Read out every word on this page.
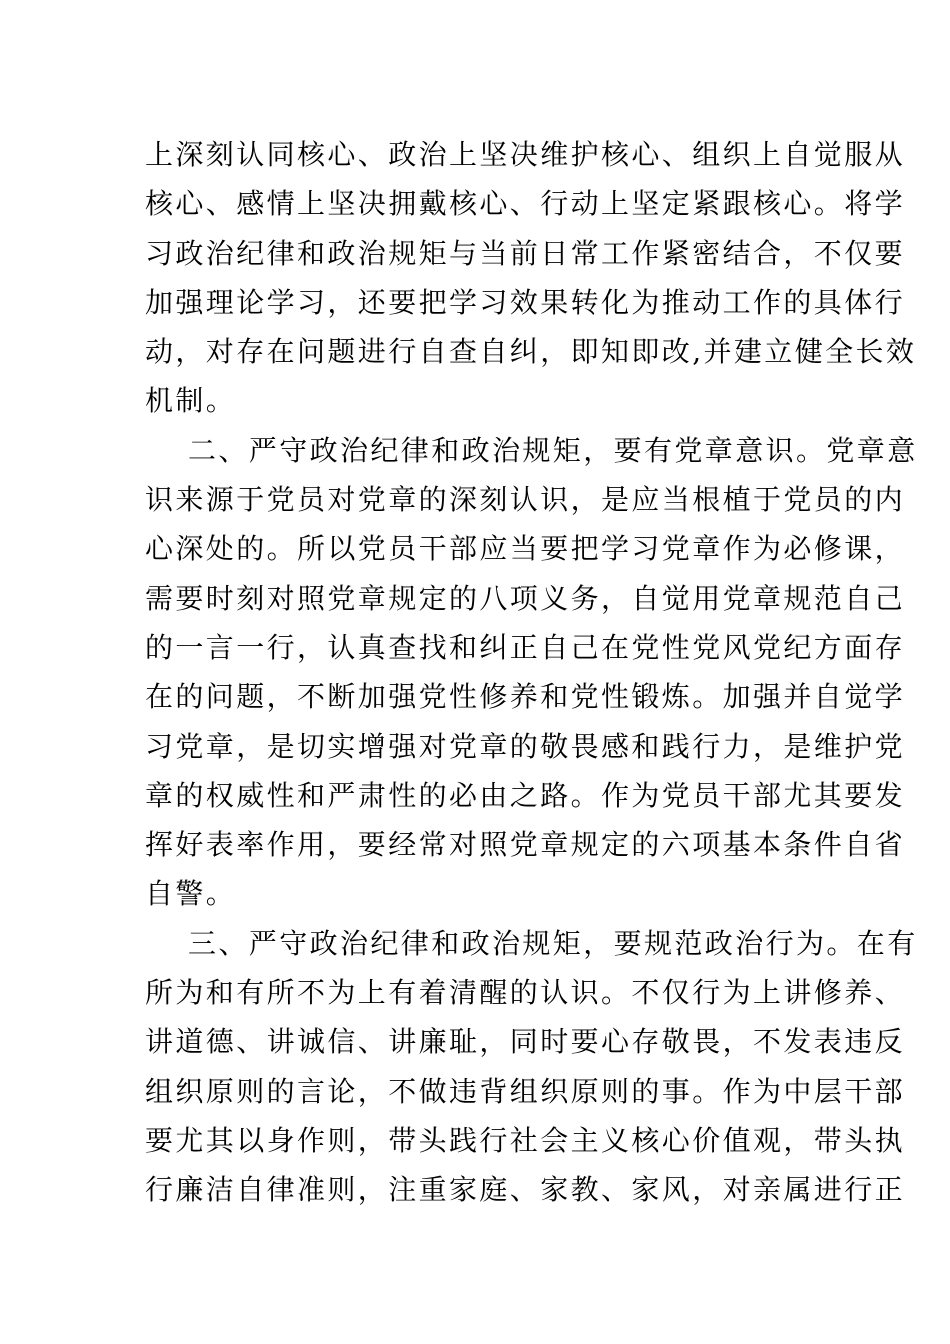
上深刻认同核心、政治上坚决维护核心、组织上自觉服从
核心、感情上坚决拥戴核心、行动上坚定紧跟核心。将学
习政治纪律和政治规矩与当前日常工作紧密结合，不仅要
加强理论学习，还要把学习效果转化为推动工作的具体行
动，对存在问题进行自查自纠，即知即改,并建立健全长效
机制。
二、严守政治纪律和政治规矩，要有党章意识。党章意
识来源于党员对党章的深刻认识，是应当根植于党员的内
心深处的。所以党员干部应当要把学习党章作为必修课，
需要时刻对照党章规定的八项义务，自觉用党章规范自己
的一言一行，认真查找和纠正自己在党性党风党纪方面存
在的问题，不断加强党性修养和党性锻炼。加强并自觉学
习党章，是切实增强对党章的敬畏感和践行力，是维护党
章的权威性和严肃性的必由之路。作为党员干部尤其要发
挥好表率作用，要经常对照党章规定的六项基本条件自省
自警。
三、严守政治纪律和政治规矩，要规范政治行为。在有
所为和有所不为上有着清醒的认识。不仅行为上讲修养、
讲道德、讲诚信、讲廉耻，同时要心存敬畏，不发表违反
组织原则的言论，不做违背组织原则的事。作为中层干部
要尤其以身作则，带头践行社会主义核心价值观，带头执
行廉洁自律准则，注重家庭、家教、家风，对亲属进行正
